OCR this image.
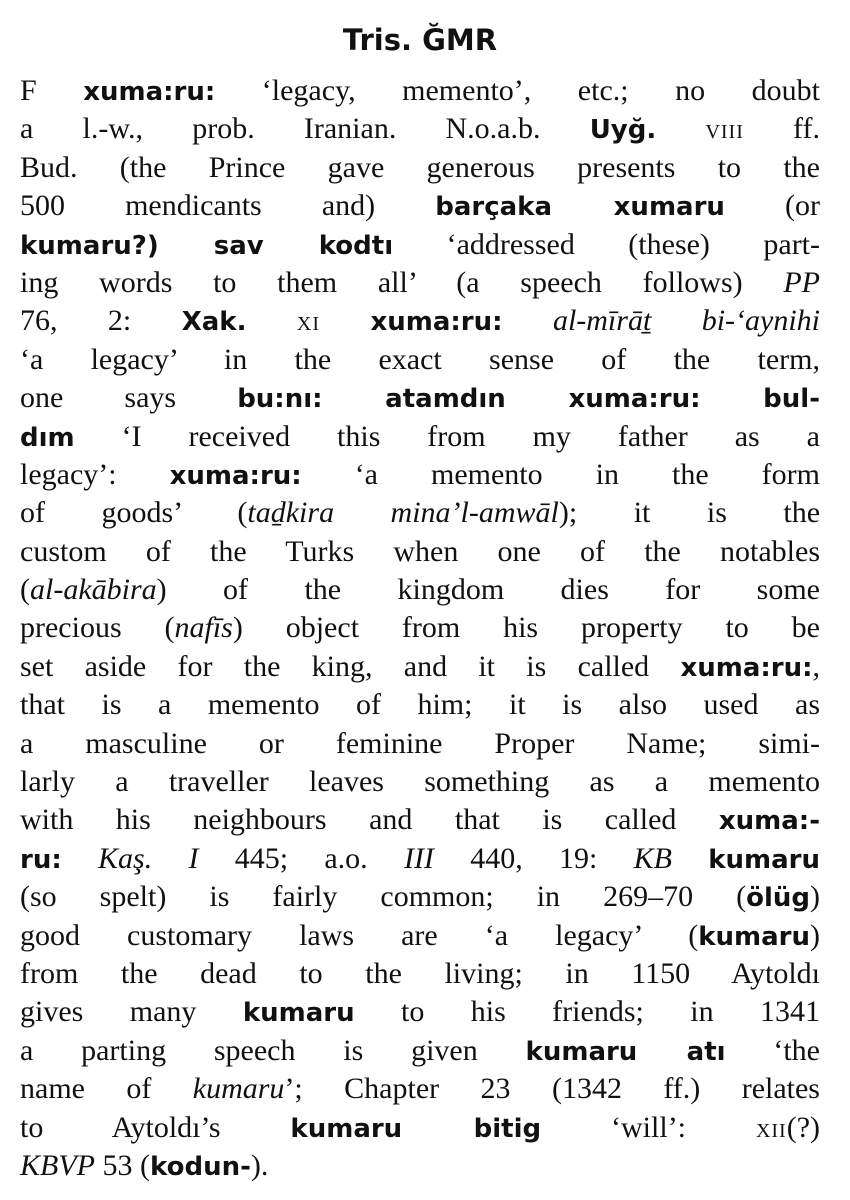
Tris. ĞMR
F xuma:ru: ‘legacy, memento’, etc.; no doubt
a l.-w., prob. Iranian. N.o.a.b. Uyğ. VIII ff.
Bud. (the Prince gave generous presents to the
500 mendicants and) barçaka xumaru (or
kumaru?) sav kodtı ‘addressed (these) part-
ing words to them all’ (a speech follows) PP
76, 2: Xak.	XI xuma:ru: al-mīrāṯ bi-‘aynihi
‘a legacy’ in the exact sense of the term,
one says bu:nı: atamdın xuma:ru: bul-
dım ‘I received this from my father as a
legacy’: xuma:ru: ‘a memento in the form
of goods’ (taḏkira mina’l-amwāl); it is the
custom of the Turks when one of the notables
(al-akābira) of the kingdom dies for some
precious (nafīs) object from his property to be
set aside for the king, and it is called xuma:ru:,
that is a memento of him; it is also used as
a masculine or feminine Proper Name; simi-
larly a traveller leaves something as a memento
with his neighbours and that is called xuma:-
ru: Kaş. I 445; a.o. III 440, 19: KB kumaru
(so spelt) is fairly common; in 269–70 (ölüg)
good customary laws are ‘a legacy’ (kumaru)
from the dead to the living; in 1150 Aytoldı
gives many kumaru to his friends; in 1341
a parting speech is given kumaru atı ‘the
name of kumaru’; Chapter 23 (1342 ff.) relates
to Aytoldı’s kumaru bitig ‘will’: XII(?)
KBVP 53 (kodun-).
